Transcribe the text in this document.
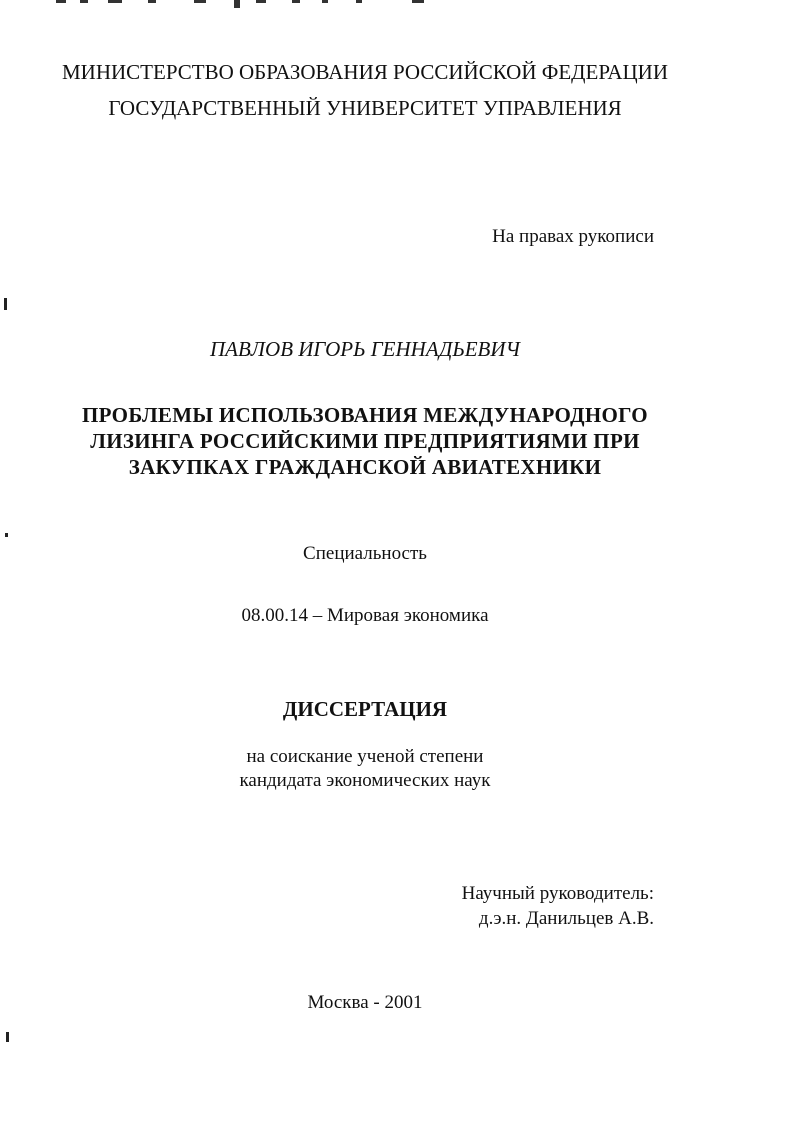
МИНИСТЕРСТВО ОБРАЗОВАНИЯ РОССИЙСКОЙ ФЕДЕРАЦИИ
ГОСУДАРСТВЕННЫЙ УНИВЕРСИТЕТ УПРАВЛЕНИЯ
На правах рукописи
ПАВЛОВ ИГОРЬ ГЕННАДЬЕВИЧ
ПРОБЛЕМЫ ИСПОЛЬЗОВАНИЯ МЕЖДУНАРОДНОГО
ЛИЗИНГА РОССИЙСКИМИ ПРЕДПРИЯТИЯМИ ПРИ
ЗАКУПКАХ ГРАЖДАНСКОЙ АВИАТЕХНИКИ
Специальность
08.00.14 – Мировая экономика
ДИССЕРТАЦИЯ
на соискание ученой степени
кандидата экономических наук
Научный руководитель:
д.э.н. Данильцев А.В.
Москва - 2001
